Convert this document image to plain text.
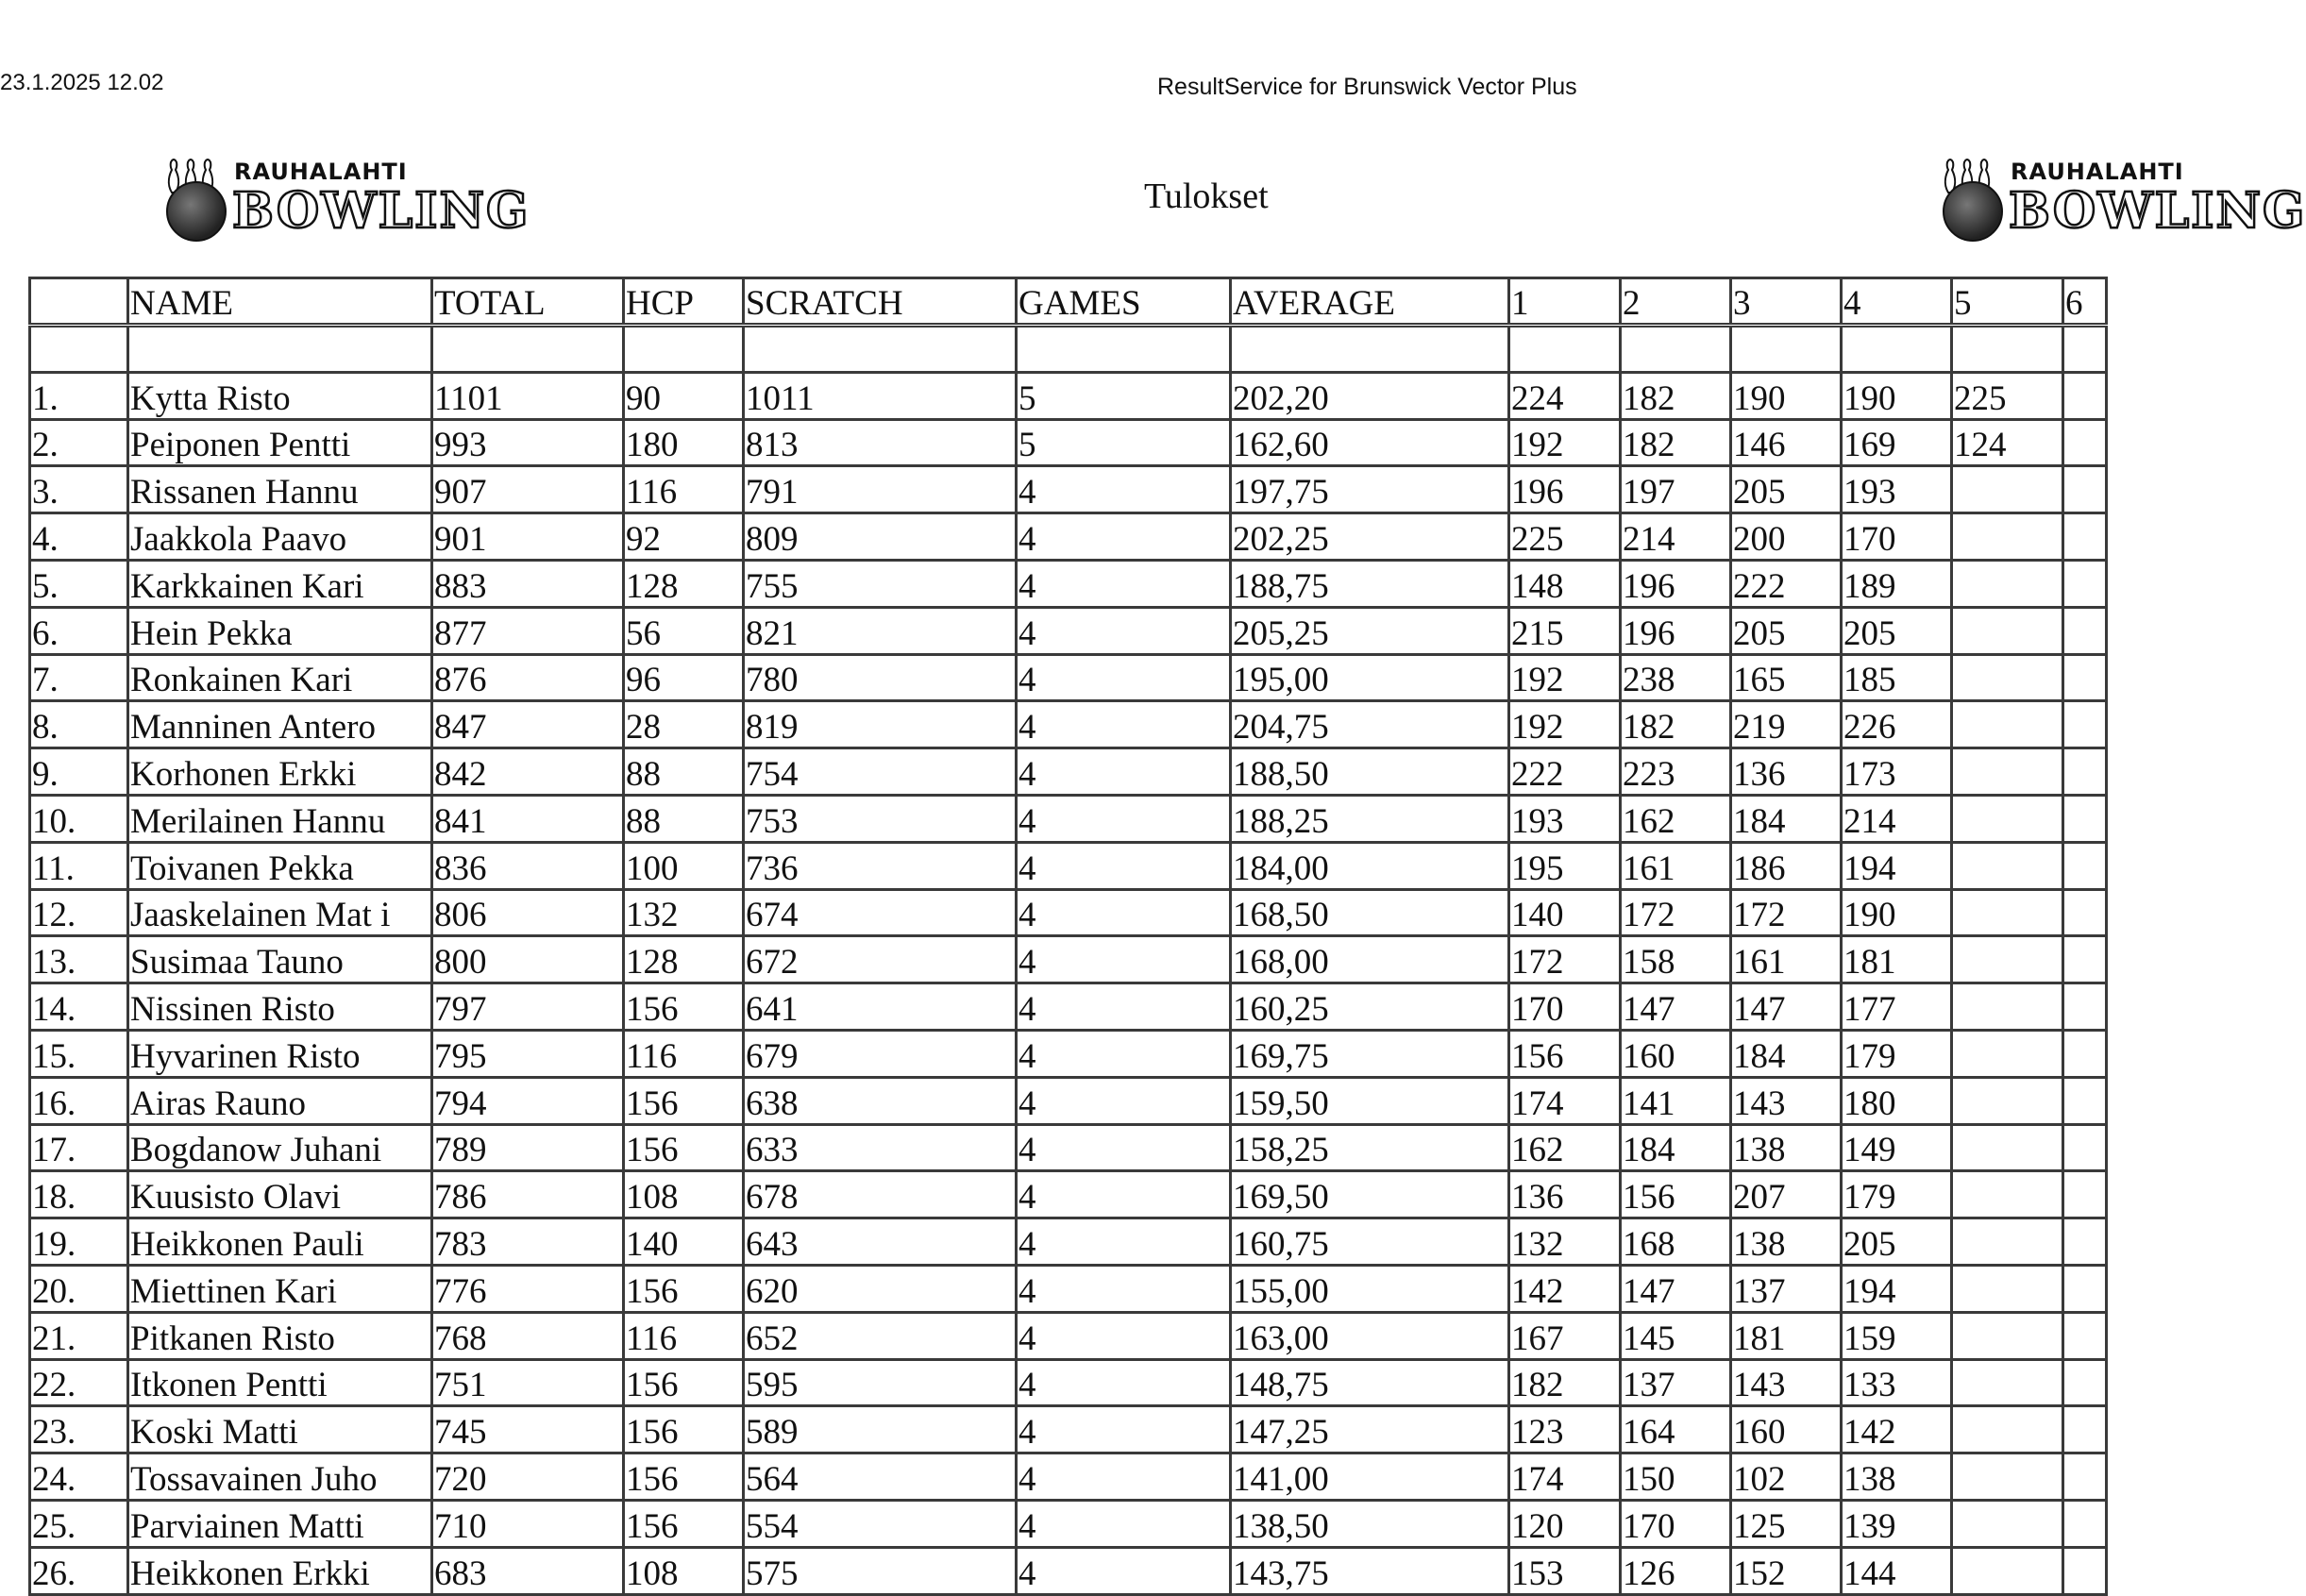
23.1.2025 12.02	ResultService for Brunswick Vector Plus
RAUHALAHTI
BOWLING
RAUHALAHTI
BOWLING
Tulokset
	NAME	TOTAL	HCP	SCRATCH	GAMES	AVERAGE	1	2	3	4	5	6

1.	Kytta Risto	1101	90	1011	5	202,20	224	182	190	190	225	
2.	Peiponen Pentti	993	180	813	5	162,60	192	182	146	169	124	
3.	Rissanen Hannu	907	116	791	4	197,75	196	197	205	193		
4.	Jaakkola Paavo	901	92	809	4	202,25	225	214	200	170		
5.	Karkkainen Kari	883	128	755	4	188,75	148	196	222	189		
6.	Hein Pekka	877	56	821	4	205,25	215	196	205	205		
7.	Ronkainen Kari	876	96	780	4	195,00	192	238	165	185		
8.	Manninen Antero	847	28	819	4	204,75	192	182	219	226		
9.	Korhonen Erkki	842	88	754	4	188,50	222	223	136	173		
10.	Merilainen Hannu	841	88	753	4	188,25	193	162	184	214		
11.	Toivanen Pekka	836	100	736	4	184,00	195	161	186	194		
12.	Jaaskelainen Mat i	806	132	674	4	168,50	140	172	172	190		
13.	Susimaa Tauno	800	128	672	4	168,00	172	158	161	181		
14.	Nissinen Risto	797	156	641	4	160,25	170	147	147	177		
15.	Hyvarinen Risto	795	116	679	4	169,75	156	160	184	179		
16.	Airas Rauno	794	156	638	4	159,50	174	141	143	180		
17.	Bogdanow Juhani	789	156	633	4	158,25	162	184	138	149		
18.	Kuusisto Olavi	786	108	678	4	169,50	136	156	207	179		
19.	Heikkonen Pauli	783	140	643	4	160,75	132	168	138	205		
20.	Miettinen Kari	776	156	620	4	155,00	142	147	137	194		
21.	Pitkanen Risto	768	116	652	4	163,00	167	145	181	159		
22.	Itkonen Pentti	751	156	595	4	148,75	182	137	143	133		
23.	Koski Matti	745	156	589	4	147,25	123	164	160	142		
24.	Tossavainen Juho	720	156	564	4	141,00	174	150	102	138		
25.	Parviainen Matti	710	156	554	4	138,50	120	170	125	139		
26.	Heikkonen Erkki	683	108	575	4	143,75	153	126	152	144		
